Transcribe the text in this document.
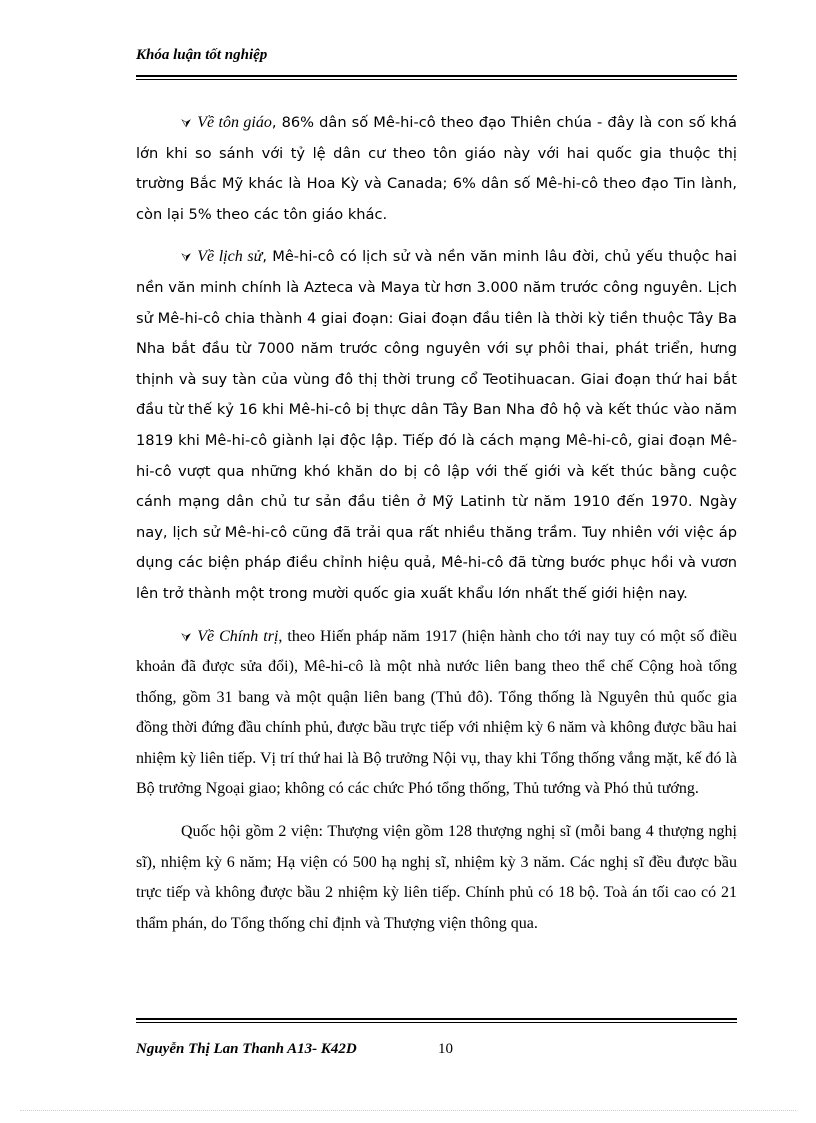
Khóa luận tốt nghiệp

⮛ Về tôn giáo, 86% dân số Mê-hi-cô theo đạo Thiên chúa - đây là con số khá lớn khi so sánh với tỷ lệ dân cư theo tôn giáo này với hai quốc gia thuộc thị trường Bắc Mỹ khác là Hoa Kỳ và Canada; 6% dân số Mê-hi-cô theo đạo Tin lành, còn lại 5% theo các tôn giáo khác.

⮛ Về lịch sử, Mê-hi-cô có lịch sử và nền văn minh lâu đời, chủ yếu thuộc hai nền văn minh chính là Azteca và Maya từ hơn 3.000 năm trước công nguyên. Lịch sử Mê-hi-cô chia thành 4 giai đoạn: Giai đoạn đầu tiên là thời kỳ tiền thuộc Tây Ba Nha bắt đầu từ 7000 năm trước công nguyên với sự phôi thai, phát triển, hưng thịnh và suy tàn của vùng đô thị thời trung cổ Teotihuacan. Giai đoạn thứ hai bắt đầu từ thế kỷ 16 khi Mê-hi-cô bị thực dân Tây Ban Nha đô hộ và kết thúc vào năm 1819 khi Mê-hi-cô giành lại độc lập. Tiếp đó là cách mạng Mê-hi-cô, giai đoạn Mê-hi-cô vượt qua những khó khăn do bị cô lập với thế giới và kết thúc bằng cuộc cánh mạng dân chủ tư sản đầu tiên ở Mỹ Latinh từ năm 1910 đến 1970. Ngày nay, lịch sử Mê-hi-cô cũng đã trải qua rất nhiều thăng trầm. Tuy nhiên với việc áp dụng các biện pháp điều chỉnh hiệu quả, Mê-hi-cô đã từng bước phục hồi và vươn lên trở thành một trong mười quốc gia xuất khẩu lớn nhất thế giới hiện nay.

⮛ Về Chính trị, theo Hiến pháp năm 1917 (hiện hành cho tới nay tuy có một số điều khoản đã được sửa đổi), Mê-hi-cô là một nhà nước liên bang theo thể chế Cộng hoà tổng thống, gồm 31 bang và một quận liên bang (Thủ đô). Tổng thống là Nguyên thủ quốc gia đồng thời đứng đầu chính phủ, được bầu trực tiếp với nhiệm kỳ 6 năm và không được bầu hai nhiệm kỳ liên tiếp. Vị trí thứ hai là Bộ trưởng Nội vụ, thay khi Tổng thống vắng mặt, kế đó là Bộ trưởng Ngoại giao; không có các chức Phó tổng thống, Thủ tướng và Phó thủ tướng.

Quốc hội gồm 2 viện: Thượng viện gồm 128 thượng nghị sĩ (mỗi bang 4 thượng nghị sĩ), nhiệm kỳ 6 năm; Hạ viện có 500 hạ nghị sĩ, nhiệm kỳ 3 năm. Các nghị sĩ đều được bầu trực tiếp và không được bầu 2 nhiệm kỳ liên tiếp. Chính phủ có 18 bộ. Toà án tối cao có 21 thẩm phán, do Tổng thống chỉ định và Thượng viện thông qua.

Nguyễn Thị Lan Thanh A13- K42D	10
